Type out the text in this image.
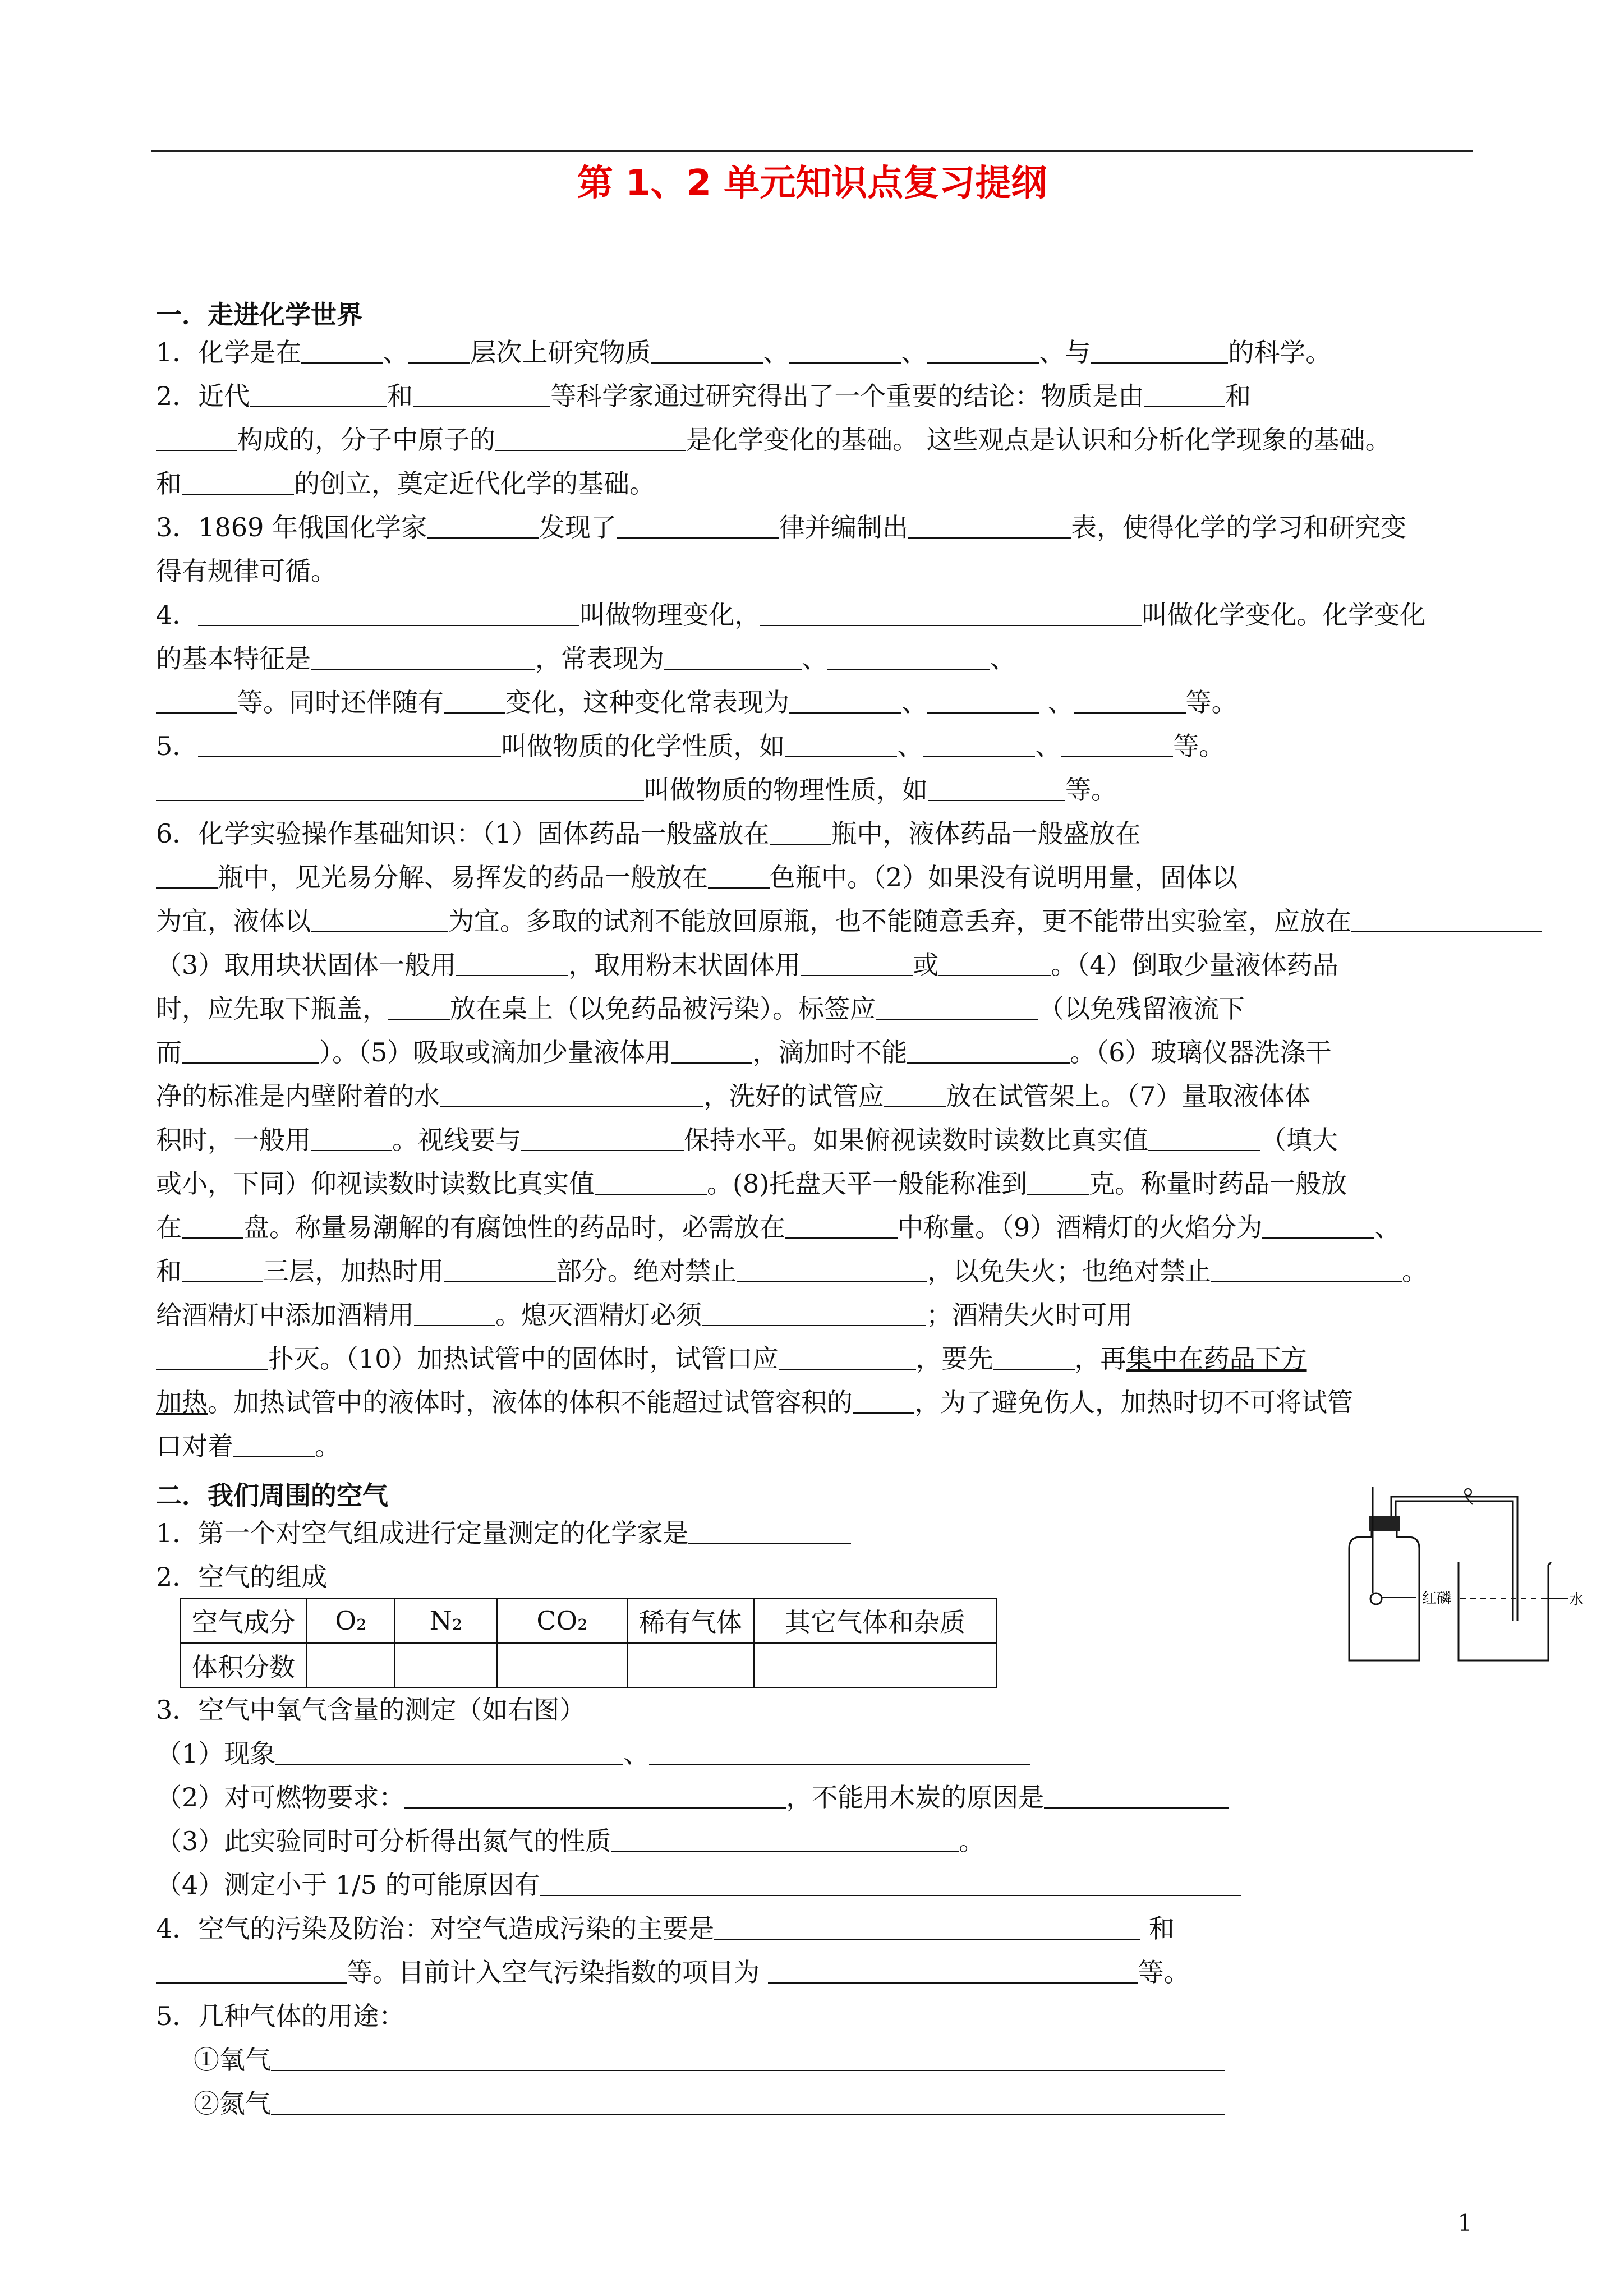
第 1、2 单元知识点复习提纲
一．走进化学世界
1．化学是在	、 层次上研究物质	、	、	、与	的科学。
2．近代	和	等科学家通过研究得出了一个重要的结论：物质是由	和
构成的，分子中原子的	是化学变化的基础。 这些观点是认识和分析化学现象的基础。
和	的创立，奠定近代化学的基础。
3．1869 年俄国化学家	发现了	律并编制出	表，使得化学的学习和研究变
得有规律可循。
4．	叫做物理变化，	叫做化学变化。化学变化
的基本特征是	，常表现为	、	、
等。同时还伴随有 变化，这种变化常表现为	、	、	等。
5．	叫做物质的化学性质，如	、	、	等。
叫做物质的物理性质，如	等。
6．化学实验操作基础知识：（1）固体药品一般盛放在 瓶中，液体药品一般盛放在
瓶中，见光易分解、易挥发的药品一般放在 色瓶中。（2）如果没有说明用量，固体以
为宜，液体以	为宜。多取的试剂不能放回原瓶，也不能随意丢弃，更不能带出实验室，应放在
（3）取用块状固体一般用	，取用粉末状固体用	或	。（4）倒取少量液体药品
时，应先取下瓶盖， 放在桌上（以免药品被污染）。标签应	（以免残留液流下
而	）。（5）吸取或滴加少量液体用	，滴加时不能	。（6）玻璃仪器洗涤干
净的标准是内壁附着的水	，洗好的试管应 放在试管架上。（7）量取液体体
积时，一般用	。视线要与	保持水平。如果俯视读数时读数比真实值	（填大
或小，下同）仰视读数时读数比真实值	。(8)托盘天平一般能称准到 克。称量时药品一般放
在 盘。称量易潮解的有腐蚀性的药品时，必需放在	中称量。（9）酒精灯的火焰分为	、
和	三层，加热时用	部分。绝对禁止	，以免失火；也绝对禁止	。
给酒精灯中添加酒精用	。熄灭酒精灯必须	；酒精失火时可用
扑灭。（10）加热试管中的固体时，试管口应	，要先	，再集中在药品下方
加热。加热试管中的液体时，液体的体积不能超过试管容积的 ，为了避免伤人，加热时切不可将试管
口对着	。
二．我们周围的空气
1．第一个对空气组成进行定量测定的化学家是
2．空气的组成
空气成分	O₂	N₂	CO₂	稀有气体	其它气体和杂质
体积分数					
3．空气中氧气含量的测定（如右图）
（1）现象	、
（2）对可燃物要求：	，不能用木炭的原因是
（3）此实验同时可分析得出氮气的性质	。
（4）测定小于 1/5 的可能原因有
4．空气的污染及防治：对空气造成污染的主要是	和
等。目前计入空气污染指数的项目为	等。
5．几种气体的用途：
①氧气
②氮气
红磷	水
1
